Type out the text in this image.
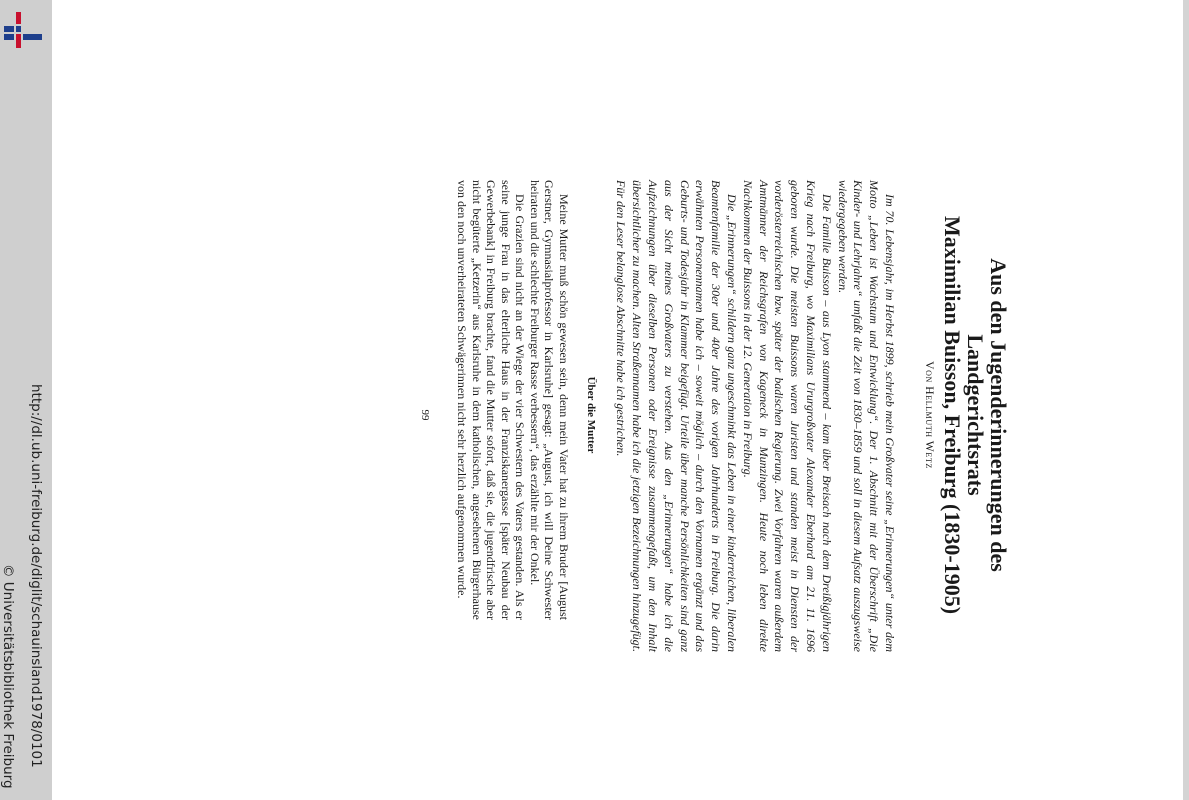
http://dl.ub.uni-freiburg.de/diglit/schauinsland1978/0101
© Universitätsbibliothek Freiburg
Aus den Jugenderinnerungen des Landgerichtsrats
Maximilian Buisson, Freiburg (1830-1905)
Von Hellmuth Wetz

Im 70. Lebensjahr, im Herbst 1899, schrieb mein Großvater seine „Erinnerungen“ unter dem Motto „Leben ist Wachstum und Entwicklung“. Der 1. Abschnitt mit der Überschrift „Die Kinder- und Lehrjahre“ umfaßt die Zeit von 1830–1859 und soll in diesem Aufsatz auszugsweise wiedergegeben werden.

Die Familie Buisson – aus Lyon stammend – kam über Breisach nach dem Dreißigjährigen Krieg nach Freiburg, wo Maximilians Ururgroßvater Alexander Eberhard am 21. 11. 1696 geboren wurde. Die meisten Buissons waren Juristen und standen meist in Diensten der vorderösterreichischen bzw. später der badischen Regierung. Zwei Vorfahren waren außerdem Amtmänner der Reichsgrafen von Kageneck in Munzingen. Heute noch leben direkte Nachkommen der Buissons in der 12. Generation in Freiburg.

Die „Erinnerungen“ schildern ganz ungeschminkt das Leben in einer kinderreichen, liberalen Beamtenfamilie der 30er und 40er Jahre des vorigen Jahrhunderts in Freiburg. Die darin erwähnten Personennamen habe ich – soweit möglich – durch den Vornamen ergänzt und das Geburts- und Todesjahr in Klammer beigefügt. Urteile über manche Persönlichkeiten sind ganz aus der Sicht meines Großvaters zu verstehen. Aus den „Erinnerungen“ habe ich die Aufzeichnungen über dieselben Personen oder Ereignisse zusammengefaßt, um den Inhalt übersichtlicher zu machen. Alten Straßennamen habe ich die jetzigen Bezeichnungen hinzugefügt. Für den Leser belanglose Abschnitte habe ich gestrichen.

Über die Mutter

Meine Mutter muß schön gewesen sein, denn mein Vater hat zu ihrem Bruder [August Gerstner, Gymnasialprofessor in Karlsruhe] gesagt: „August, ich will Deine Schwester heiraten und die schlechte Freiburger Rasse verbessern“, das erzählte mir der Onkel.

Die Grazien sind nicht an der Wiege der vier Schwestern des Vaters gestanden. Als er seine junge Frau in das elterliche Haus in der Franziskanergasse [später Neubau der Gewerbebank] in Freiburg brachte, fand die Mutter sofort, daß sie, die jugendfrische aber nicht begüterte „Ketzerin“ aus Karlsruhe in dem katholischen, angesehenen Bürgerhause von den noch unverheirateten Schwägerinnen nicht sehr herzlich aufgenommen wurde.

99
